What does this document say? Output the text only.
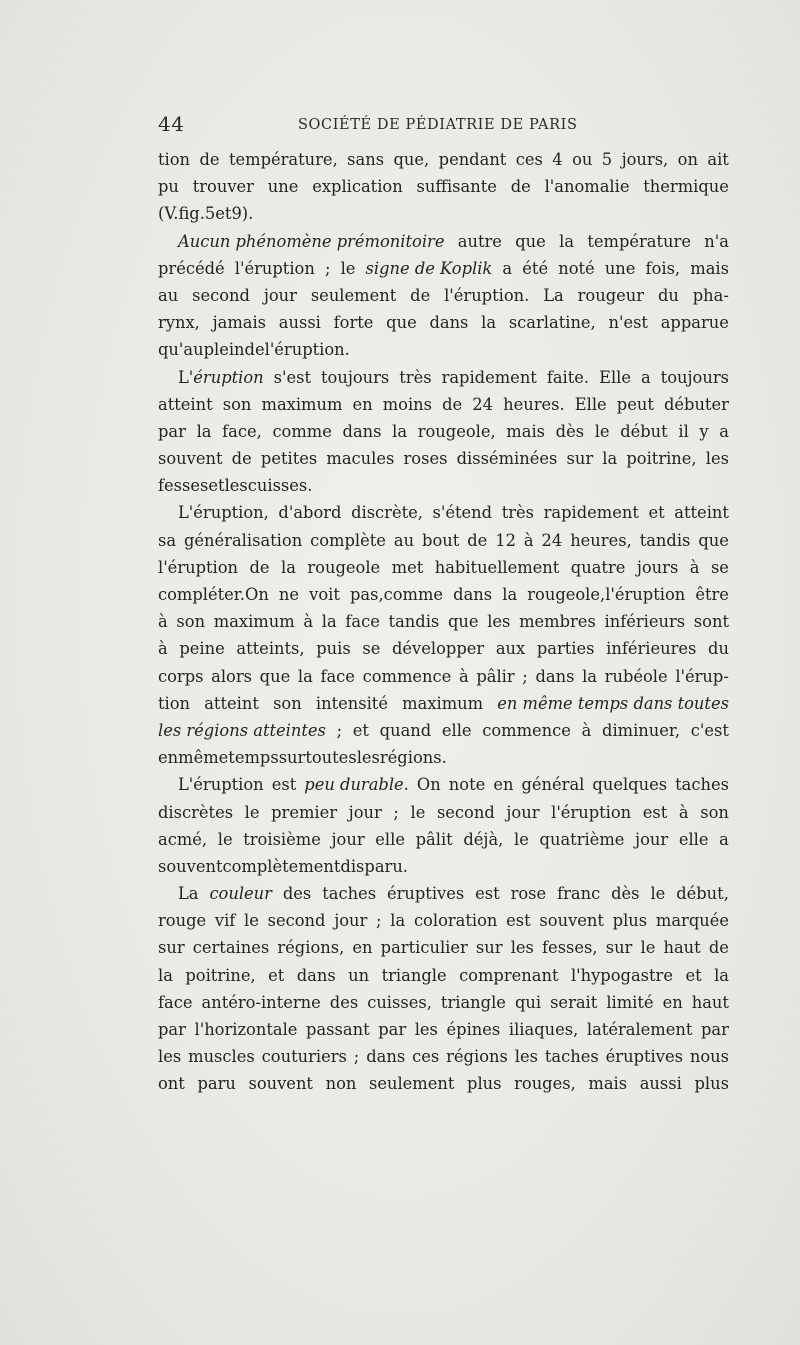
44	SOCIÉTÉ DE PÉDIATRIE DE PARIS
tion de température, sans que, pendant ces 4 ou 5 jours, on ait
pu trouver une explication suffisante de l'anomalie thermique
(V. fig. 5 et 9).
Aucun phénomène prémonitoire autre que la température n'a
précédé l'éruption ; le signe de Koplik a été noté une fois, mais
au second jour seulement de l'éruption. La rougeur du pha-
rynx, jamais aussi forte que dans la scarlatine, n'est apparue
qu'au plein de l'éruption.
L'éruption s'est toujours très rapidement faite. Elle a toujours
atteint son maximum en moins de 24 heures. Elle peut débuter
par la face, comme dans la rougeole, mais dès le début il y a
souvent de petites macules roses disséminées sur la poitrine, les
fesses et les cuisses.
L'éruption, d'abord discrète, s'étend très rapidement et atteint
sa généralisation complète au bout de 12 à 24 heures, tandis que
l'éruption de la rougeole met habituellement quatre jours à se
compléter.On ne voit pas,comme dans la rougeole,l'éruption être
à son maximum à la face tandis que les membres inférieurs sont
à peine atteints, puis se développer aux parties inférieures du
corps alors que la face commence à pâlir ; dans la rubéole l'érup-
tion atteint son intensité maximum en même temps dans toutes
les régions atteintes ; et quand elle commence à diminuer, c'est
en même temps sur toutes les régions.
L'éruption est peu durable. On note en général quelques taches
discrètes le premier jour ; le second jour l'éruption est à son
acmé, le troisième jour elle pâlit déjà, le quatrième jour elle a
souvent complètement disparu.
La couleur des taches éruptives est rose franc dès le début,
rouge vif le second jour ; la coloration est souvent plus marquée
sur certaines régions, en particulier sur les fesses, sur le haut de
la poitrine, et dans un triangle comprenant l'hypogastre et la
face antéro-interne des cuisses, triangle qui serait limité en haut
par l'horizontale passant par les épines iliaques, latéralement par
les muscles couturiers ; dans ces régions les taches éruptives nous
ont paru souvent non seulement plus rouges, mais aussi plus
